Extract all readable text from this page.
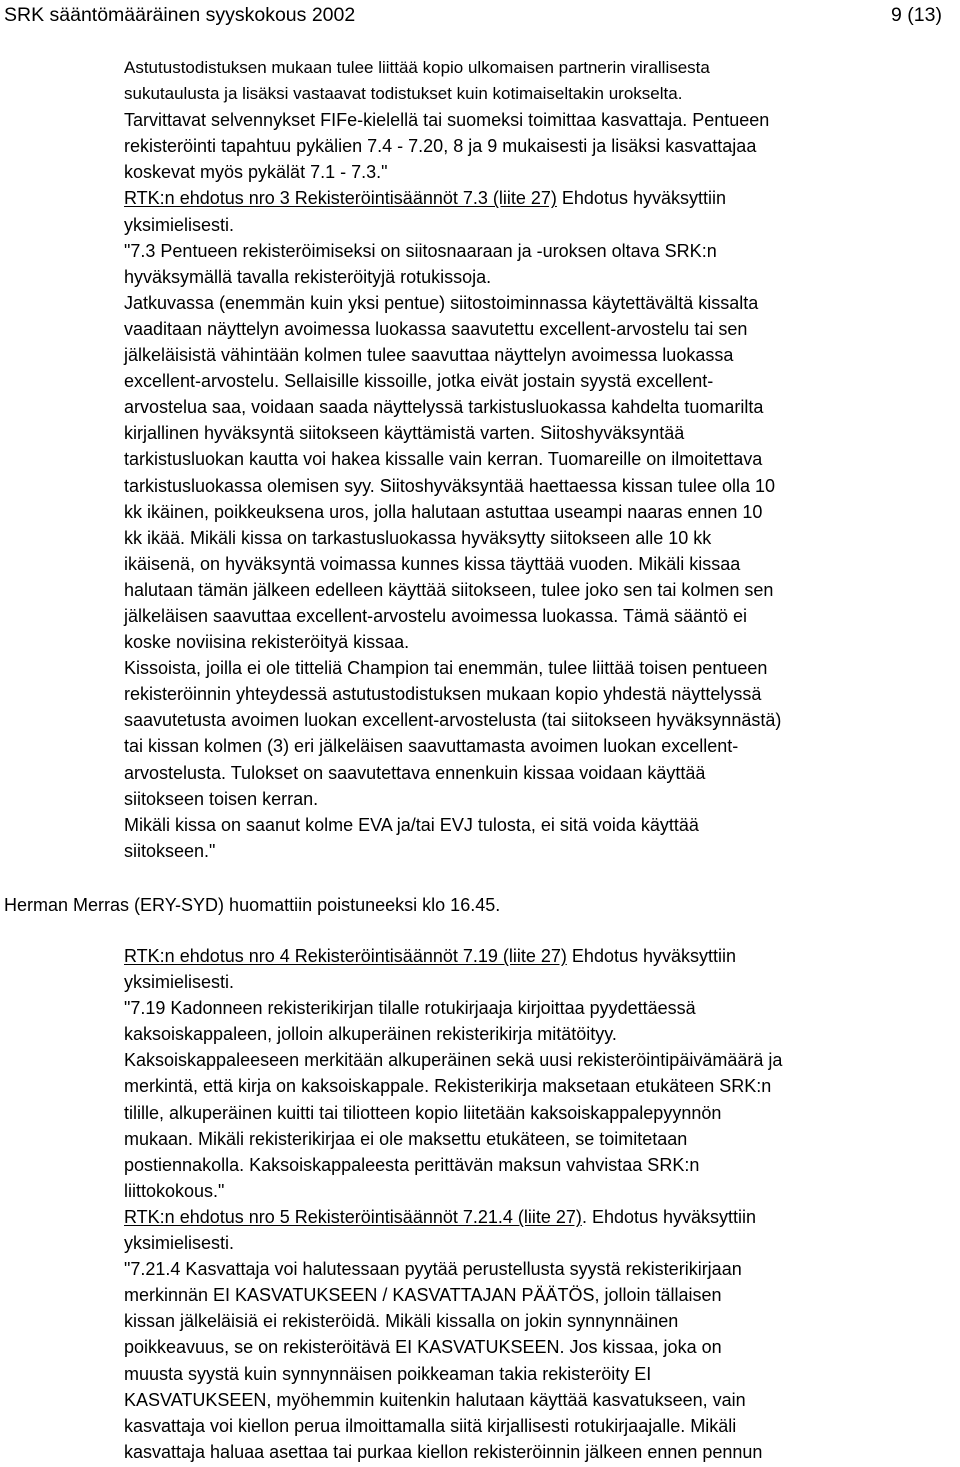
SRK sääntömääräinen syyskokous 2002	9 (13)
Astutustodistuksen mukaan tulee liittää kopio ulkomaisen partnerin virallisesta
sukutaulusta ja lisäksi vastaavat todistukset kuin kotimaiseltakin urokselta.
Tarvittavat selvennykset FIFe-kielellä tai suomeksi toimittaa kasvattaja. Pentueen
rekisteröinti tapahtuu pykälien 7.4 - 7.20, 8 ja 9 mukaisesti ja lisäksi kasvattajaa
koskevat myös pykälät 7.1 - 7.3."
RTK:n ehdotus nro 3 Rekisteröintisäännöt 7.3 (liite 27) Ehdotus hyväksyttiin
yksimielisesti.
"7.3 Pentueen rekisteröimiseksi on siitosnaaraan ja -uroksen oltava SRK:n
hyväksymällä tavalla rekisteröityjä rotukissoja.
Jatkuvassa (enemmän kuin yksi pentue) siitostoiminnassa käytettävältä kissalta
vaaditaan näyttelyn avoimessa luokassa saavutettu excellent-arvostelu tai sen
jälkeläisistä vähintään kolmen tulee saavuttaa näyttelyn avoimessa luokassa
excellent-arvostelu. Sellaisille kissoille, jotka eivät jostain syystä excellent-
arvostelua saa, voidaan saada näyttelyssä tarkistusluokassa kahdelta tuomarilta
kirjallinen hyväksyntä siitokseen käyttämistä varten. Siitoshyväksyntää
tarkistusluokan kautta voi hakea kissalle vain kerran. Tuomareille on ilmoitettava
tarkistusluokassa olemisen syy. Siitoshyväksyntää haettaessa kissan tulee olla 10
kk ikäinen, poikkeuksena uros, jolla halutaan astuttaa useampi naaras ennen 10
kk ikää. Mikäli kissa on tarkastusluokassa hyväksytty siitokseen alle 10 kk
ikäisenä, on hyväksyntä voimassa kunnes kissa täyttää vuoden. Mikäli kissaa
halutaan tämän jälkeen edelleen käyttää siitokseen, tulee joko sen tai kolmen sen
jälkeläisen saavuttaa excellent-arvostelu avoimessa luokassa. Tämä sääntö ei
koske noviisina rekisteröityä kissaa.
Kissoista, joilla ei ole titteliä Champion tai enemmän, tulee liittää toisen pentueen
rekisteröinnin yhteydessä astutustodistuksen mukaan kopio yhdestä näyttelyssä
saavutetusta avoimen luokan excellent-arvostelusta (tai siitokseen hyväksynnästä)
tai kissan kolmen (3) eri jälkeläisen saavuttamasta avoimen luokan excellent-
arvostelusta. Tulokset on saavutettava ennenkuin kissaa voidaan käyttää
siitokseen toisen kerran.
Mikäli kissa on saanut kolme EVA ja/tai EVJ tulosta, ei sitä voida käyttää
siitokseen."
Herman Merras (ERY-SYD) huomattiin poistuneeksi klo 16.45.
RTK:n ehdotus nro 4 Rekisteröintisäännöt 7.19 (liite 27) Ehdotus hyväksyttiin
yksimielisesti.
"7.19 Kadonneen rekisterikirjan tilalle rotukirjaaja kirjoittaa pyydettäessä
kaksoiskappaleen, jolloin alkuperäinen rekisterikirja mitätöityy.
Kaksoiskappaleeseen merkitään alkuperäinen sekä uusi rekisteröintipäivämäärä ja
merkintä, että kirja on kaksoiskappale. Rekisterikirja maksetaan etukäteen SRK:n
tilille, alkuperäinen kuitti tai tiliotteen kopio liitetään kaksoiskappalepyynnön
mukaan. Mikäli rekisterikirjaa ei ole maksettu etukäteen, se toimitetaan
postiennakolla. Kaksoiskappaleesta perittävän maksun vahvistaa SRK:n
liittokokous."
RTK:n ehdotus nro 5 Rekisteröintisäännöt 7.21.4 (liite 27). Ehdotus hyväksyttiin
yksimielisesti.
"7.21.4 Kasvattaja voi halutessaan pyytää perustellusta syystä rekisterikirjaan
merkinnän EI KASVATUKSEEN / KASVATTAJAN PÄÄTÖS, jolloin tällaisen
kissan jälkeläisiä ei rekisteröidä. Mikäli kissalla on jokin synnynnäinen
poikkeavuus, se on rekisteröitävä EI KASVATUKSEEN. Jos kissaa, joka on
muusta syystä kuin synnynnäisen poikkeaman takia rekisteröity EI
KASVATUKSEEN, myöhemmin kuitenkin halutaan käyttää kasvatukseen, vain
kasvattaja voi kiellon perua ilmoittamalla siitä kirjallisesti rotukirjaajalle. Mikäli
kasvattaja haluaa asettaa tai purkaa kiellon rekisteröinnin jälkeen ennen pennun
